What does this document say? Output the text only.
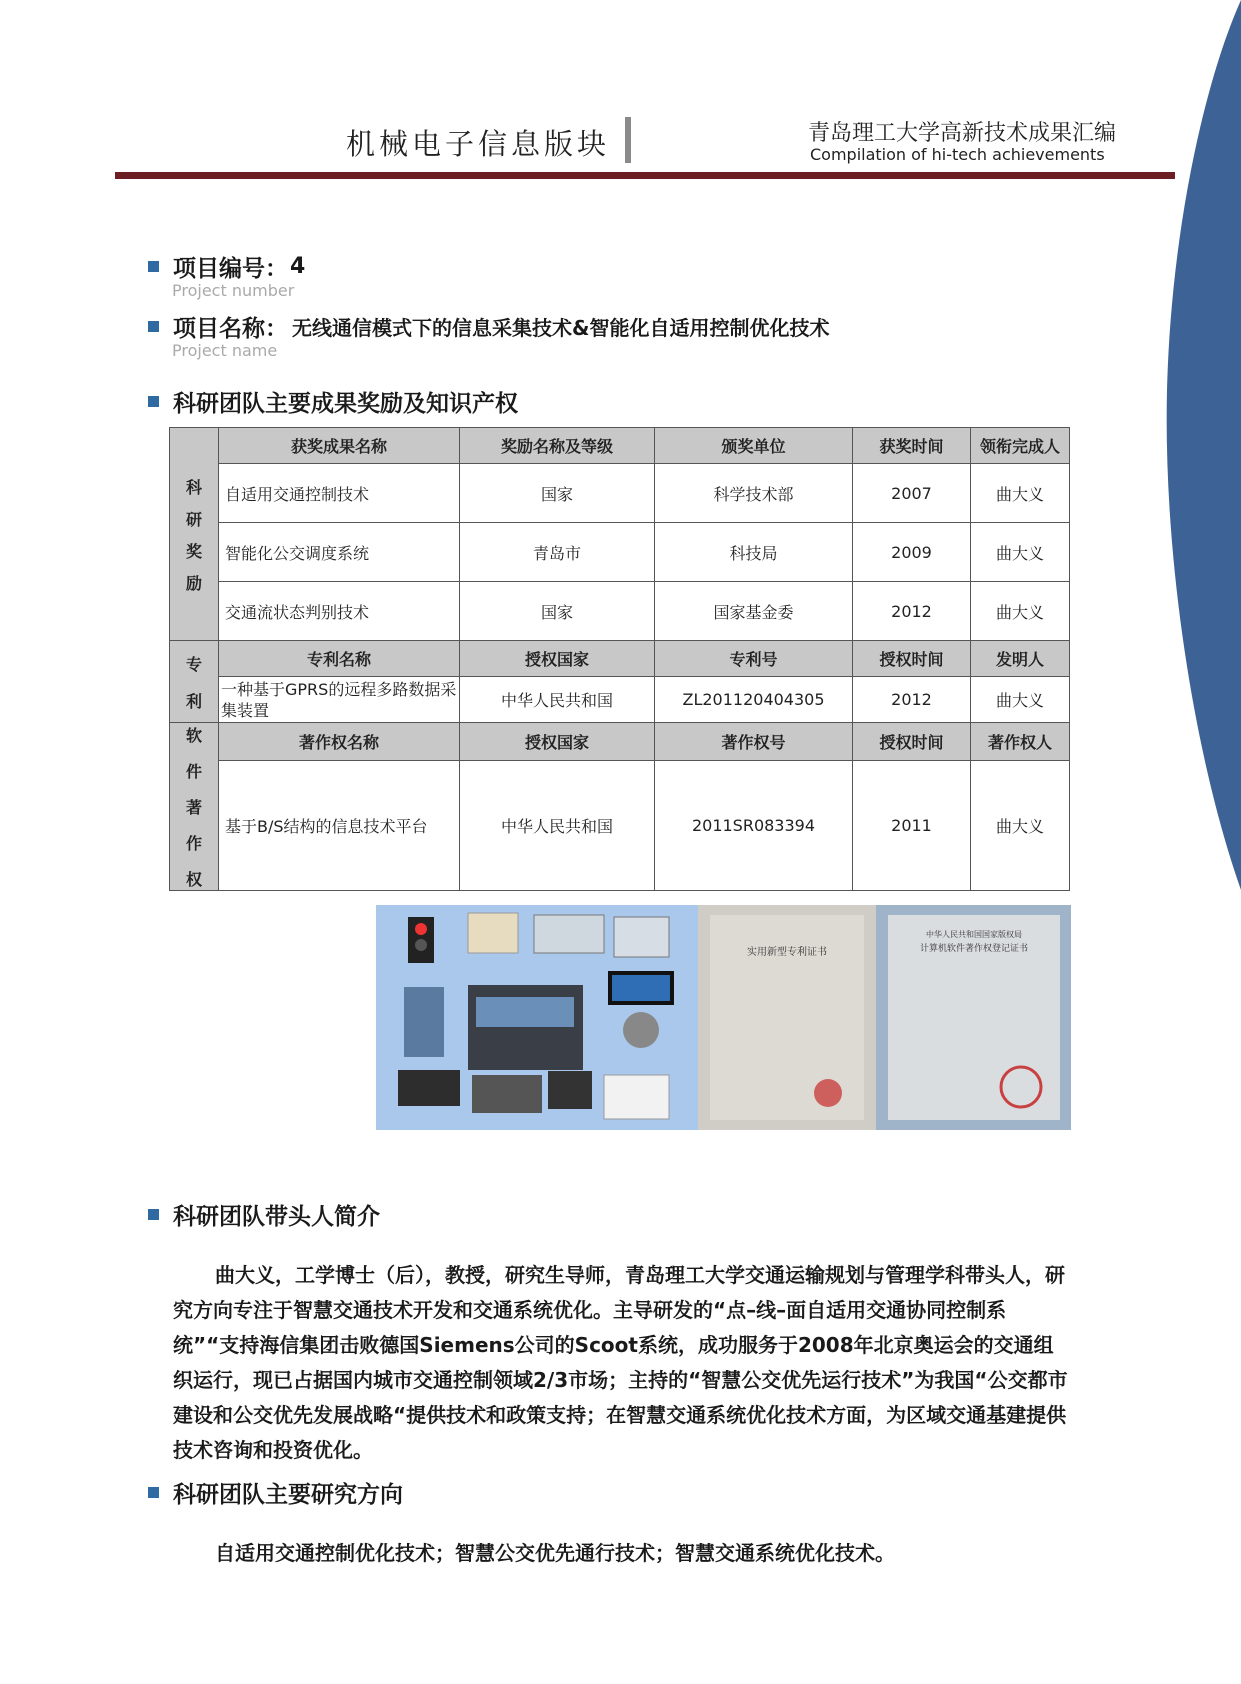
机械电子信息版块	青岛理工大学高新技术成果汇编
Compilation of hi-tech achievements
项目编号： 4
Project number
项目名称： 无线通信模式下的信息采集技术&智能化自适用控制优化技术
Project name
科研团队主要成果奖励及知识产权
科
研
奖
励	获奖成果名称	奖励名称及等级	颁奖单位	获奖时间	领衔完成人
	自适用交通控制技术	国家	科学技术部	2007	曲大义
	智能化公交调度系统	青岛市	科技局	2009	曲大义
	交通流状态判别技术	国家	国家基金委	2012	曲大义

专
利	专利名称	授权国家	专利号	授权时间	发明人
	一种基于GPRS的远程多路数据采集装置	中华人民共和国	ZL201120404305	2012	曲大义

软
件
著
作
权	著作权名称	授权国家	著作权号	授权时间	著作权人
	基于B/S结构的信息技术平台	中华人民共和国	2011SR083394	2011	曲大义
实用新型专利证书
中华人民共和国国家版权局
计算机软件著作权登记证书
科研团队带头人简介
曲大义，工学博士（后），教授，研究生导师，青岛理工大学交通运输规划与管理学科带头人，研究方向专注于智慧交通技术开发和交通系统优化。主导研发的“点–线–面自适用交通协同控制系统”“支持海信集团击败德国Siemens公司的Scoot系统，成功服务于2008年北京奥运会的交通组织运行，现已占据国内城市交通控制领域2/3市场；主持的“智慧公交优先运行技术”为我国“公交都市建设和公交优先发展战略“提供技术和政策支持；在智慧交通系统优化技术方面，为区域交通基建提供技术咨询和投资优化。
科研团队主要研究方向
自适用交通控制优化技术；智慧公交优先通行技术；智慧交通系统优化技术。
